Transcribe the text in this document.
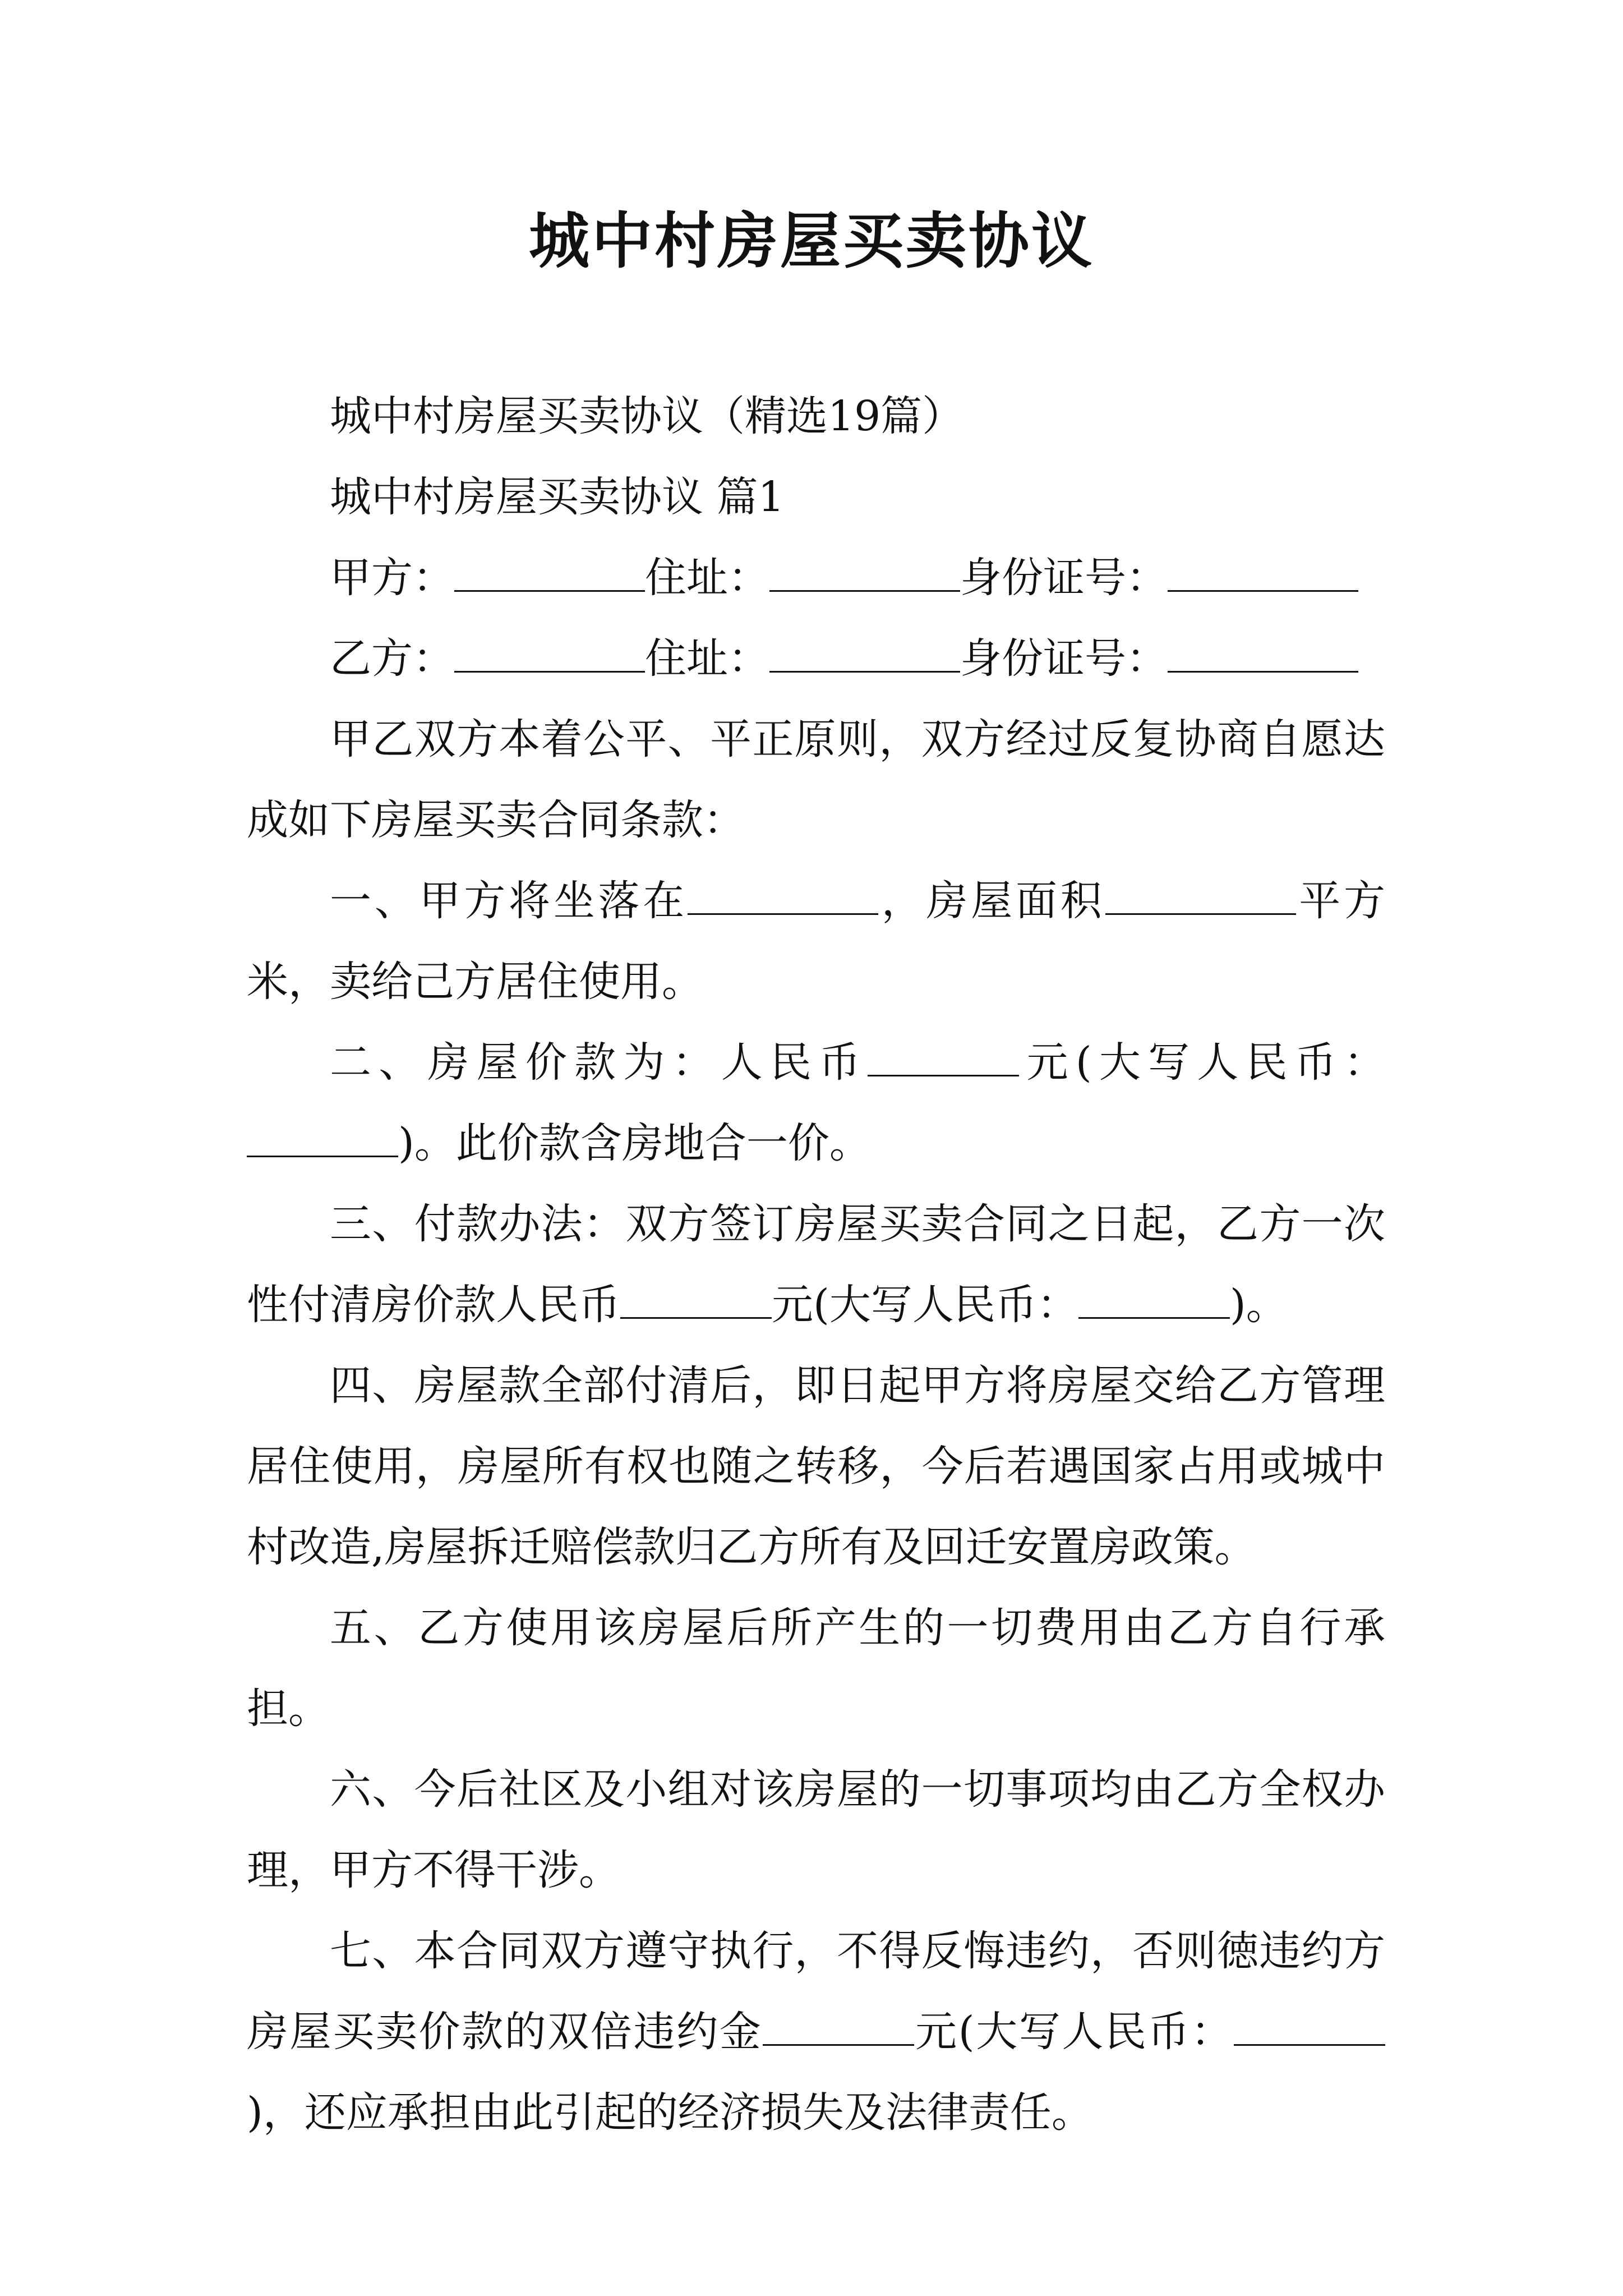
城中村房屋买卖协议
城中村房屋买卖协议（精选19篇）
城中村房屋买卖协议 篇1
甲方：	住址：	身份证号：
乙方：	住址：	身份证号：

甲乙双方本着公平、平正原则，双方经过反复协商自愿达成如下房屋买卖合同条款：

一、甲方将坐落在	，房屋面积	平方米，卖给己方居住使用。

二、房屋价款为：人民币	元(大写人民币：)。此价款含房地合一价。

三、付款办法：双方签订房屋买卖合同之日起，乙方一次性付清房价款人民币	元(大写人民币：	)。

四、房屋款全部付清后，即日起甲方将房屋交给乙方管理居住使用，房屋所有权也随之转移，今后若遇国家占用或城中村改造,房屋拆迁赔偿款归乙方所有及回迁安置房政策。

五、乙方使用该房屋后所产生的一切费用由乙方自行承担。

六、今后社区及小组对该房屋的一切事项均由乙方全权办理，甲方不得干涉。

七、本合同双方遵守执行，不得反悔违约，否则徳违约方房屋买卖价款的双倍违约金	元(大写人民币：)，还应承担由此引起的经济损失及法律责任。
